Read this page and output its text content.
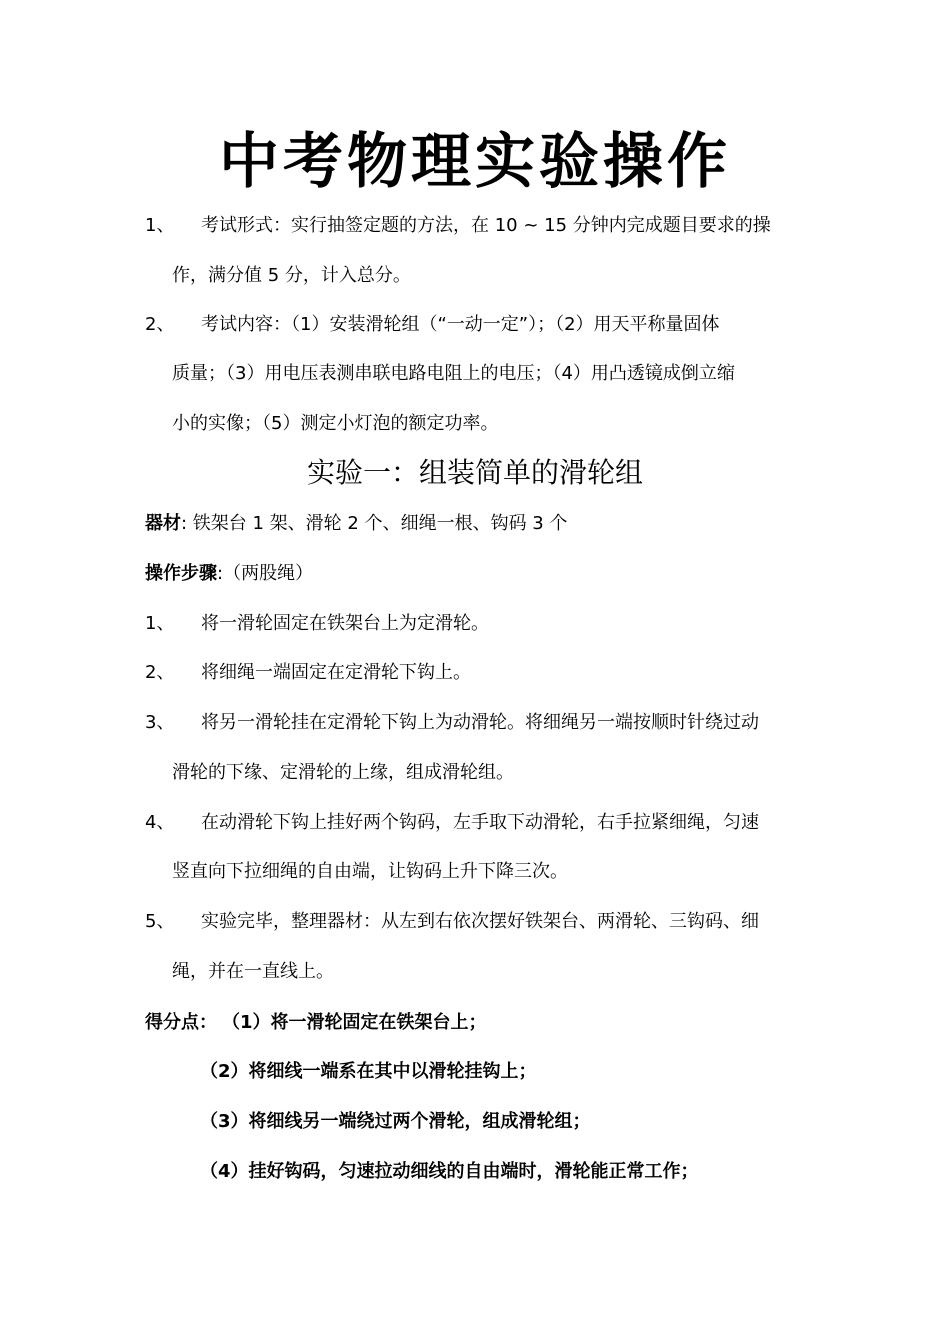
中考物理实验操作
1、 考试形式：实行抽签定题的方法，在 10 ~ 15 分钟内完成题目要求的操
作，满分值 5 分，计入总分。
2、 考试内容：（1）安装滑轮组（“一动一定”）；（2）用天平称量固体
质量；（3）用电压表测串联电路电阻上的电压；（4）用凸透镜成倒立缩
小的实像；（5）测定小灯泡的额定功率。
实验一：组装简单的滑轮组
器材: 铁架台 1 架、滑轮 2 个、细绳一根、钩码 3 个
操作步骤:（两股绳）
1、 将一滑轮固定在铁架台上为定滑轮。
2、 将细绳一端固定在定滑轮下钩上。
3、 将另一滑轮挂在定滑轮下钩上为动滑轮。将细绳另一端按顺时针绕过动
滑轮的下缘、定滑轮的上缘，组成滑轮组。
4、 在动滑轮下钩上挂好两个钩码，左手取下动滑轮，右手拉紧细绳，匀速
竖直向下拉细绳的自由端，让钩码上升下降三次。
5、 实验完毕，整理器材：从左到右依次摆好铁架台、两滑轮、三钩码、细
绳，并在一直线上。
得分点： （1）将一滑轮固定在铁架台上；
（2）将细线一端系在其中以滑轮挂钩上；
（3）将细线另一端绕过两个滑轮，组成滑轮组；
（4）挂好钩码，匀速拉动细线的自由端时，滑轮能正常工作；
